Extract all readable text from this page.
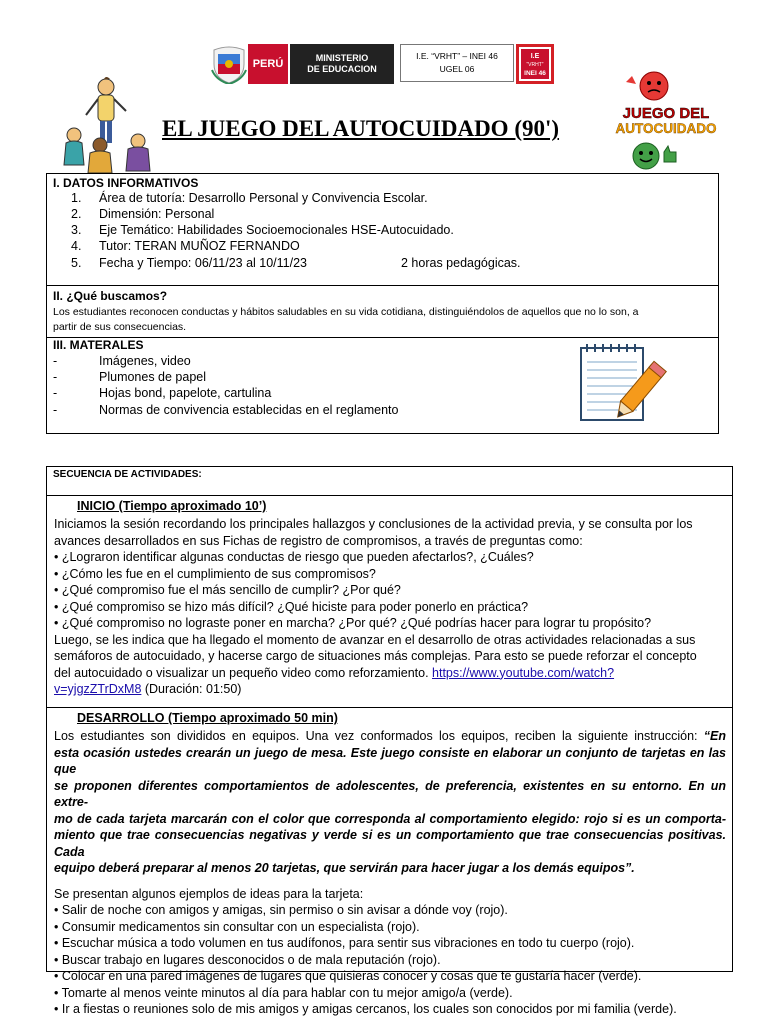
PERÚ	MINISTERIO
DE EDUCACION
I.E. “VRHT” – INEI 46
UGEL 06
I.E
“VRHT”
INEI 46
EL JUEGO DEL AUTOCUIDADO (90')
JUEGO DEL
AUTOCUIDADO
I. DATOS INFORMATIVOS
1. Área de tutoría: Desarrollo Personal y Convivencia Escolar.
2. Dimensión: Personal
3. Eje Temático: Habilidades Socioemocionales HSE-Autocuidado.
4. Tutor: TERAN MUÑOZ FERNANDO
5. Fecha y Tiempo: 06/11/23 al 10/11/23	2 horas pedagógicas.
II. ¿Qué buscamos?
Los estudiantes reconocen conductas y hábitos saludables en su vida cotidiana, distinguiéndolos de aquellos que no lo son, a
partir de sus consecuencias.
III. MATERALES
-	Imágenes, video
-	Plumones de papel
-	Hojas bond, papelote, cartulina
-	Normas de convivencia establecidas en el reglamento
SECUENCIA DE ACTIVIDADES:
INICIO (Tiempo aproximado 10’)
Iniciamos la sesión recordando los principales hallazgos y conclusiones de la actividad previa, y se consulta por los
avances desarrollados en sus Fichas de registro de compromisos, a través de preguntas como:
• ¿Lograron identificar algunas conductas de riesgo que pueden afectarlos?, ¿Cuáles?
• ¿Cómo les fue en el cumplimiento de sus compromisos?
• ¿Qué compromiso fue el más sencillo de cumplir? ¿Por qué?
• ¿Qué compromiso se hizo más difícil? ¿Qué hiciste para poder ponerlo en práctica?
• ¿Qué compromiso no lograste poner en marcha? ¿Por qué? ¿Qué podrías hacer para lograr tu propósito?
Luego, se les indica que ha llegado el momento de avanzar en el desarrollo de otras actividades relacionadas a sus
semáforos de autocuidado, y hacerse cargo de situaciones más complejas. Para esto se puede reforzar el concepto
del autocuidado o visualizar un pequeño video como reforzamiento. https://www.youtube.com/watch?
v=yjgzZTrDxM8 (Duración: 01:50)
DESARROLLO (Tiempo aproximado 50 min)
Los estudiantes son divididos en equipos. Una vez conformados los equipos, reciben la siguiente instrucción: “En
esta ocasión ustedes crearán un juego de mesa. Este juego consiste en elaborar un conjunto de tarjetas en las que
se proponen diferentes comportamientos de adolescentes, de preferencia, existentes en su entorno. En un extre-
mo de cada tarjeta marcarán con el color que corresponda al comportamiento elegido: rojo si es un comporta-
miento que trae consecuencias negativas y verde si es un comportamiento que trae consecuencias positivas. Cada
equipo deberá preparar al menos 20 tarjetas, que servirán para hacer jugar a los demás equipos”.
Se presentan algunos ejemplos de ideas para la tarjeta:
• Salir de noche con amigos y amigas, sin permiso o sin avisar a dónde voy (rojo).
• Consumir medicamentos sin consultar con un especialista (rojo).
• Escuchar música a todo volumen en tus audífonos, para sentir sus vibraciones en todo tu cuerpo (rojo).
• Buscar trabajo en lugares desconocidos o de mala reputación (rojo).
• Colocar en una pared imágenes de lugares que quisieras conocer y cosas que te gustaría hacer (verde).
• Tomarte al menos veinte minutos al día para hablar con tu mejor amigo/a (verde).
• Ir a fiestas o reuniones solo de mis amigos y amigas cercanos, los cuales son conocidos por mi familia (verde).
